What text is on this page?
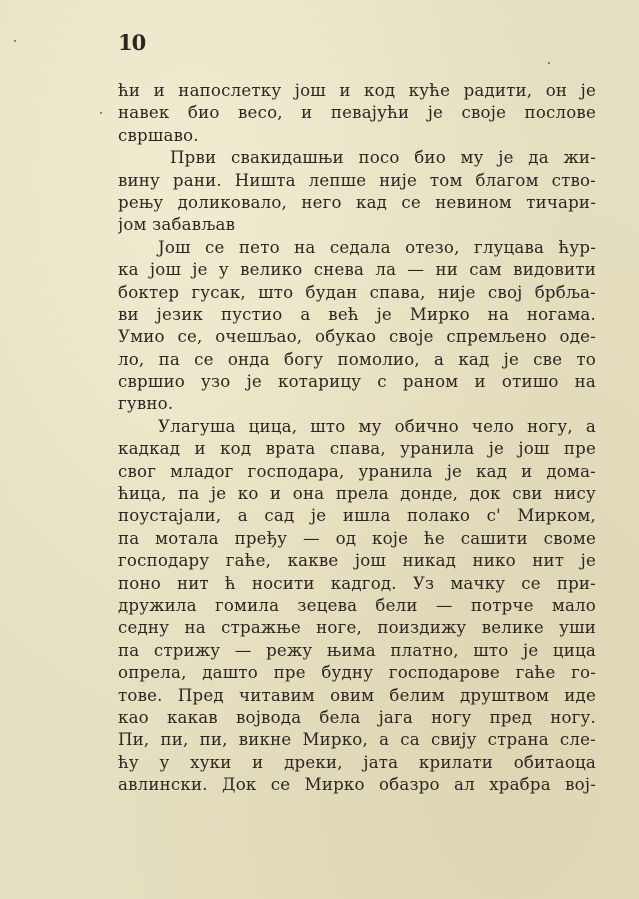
10
ћи и напослетку још и код куће радити, он је
навек био весо, и певајући је своје послове
свршаво.
Први свакидашњи посо био му је да жи-
вину рани. Ништа лепше није том благом ство-
рењу доликовало, него кад се невином тичари-
јом забављав
Још се пето на седала отезо, глуцава ћур-
ка још је у велико снева ла — ни сам видовити
боктер гусак, што будан спава, није свој брбља-
ви језик пустио а већ је Мирко на ногама.
Умио се, очешљао, обукао своје спремљено оде-
ло, па се онда богу помолио, а кад је све то
свршио узо је котарицу с раном и отишо на
гувно.
Улагуша цица, што му обично чело ногу, а
кадкад и код врата спава, уранила је још пре
свог младог господара, уранила је кад и дома-
ћица, па је ко и она прела донде, док сви нису
поустајали, а сад је ишла полако с' Мирком,
па мотала пређу — од које ће сашити своме
господару гаће, какве још никад нико нит је
поно нит ћ носити кадгод. Уз мачку се при-
дружила гомила зецева бели — потрче мало
седну на стражње ноге, поиздижу велике уши
па стрижу — режу њима платно, што је цица
опрела, дашто пре будну господарове гаће го-
тове. Пред читавим овим белим друштвом иде
као какав војвода бела јага ногу пред ногу.
Пи, пи, пи, викне Мирко, а са свију страна сле-
ћу у хуки и дреки, јата крилати обитаоца
авлински. Док се Мирко обазро ал храбра вој-
